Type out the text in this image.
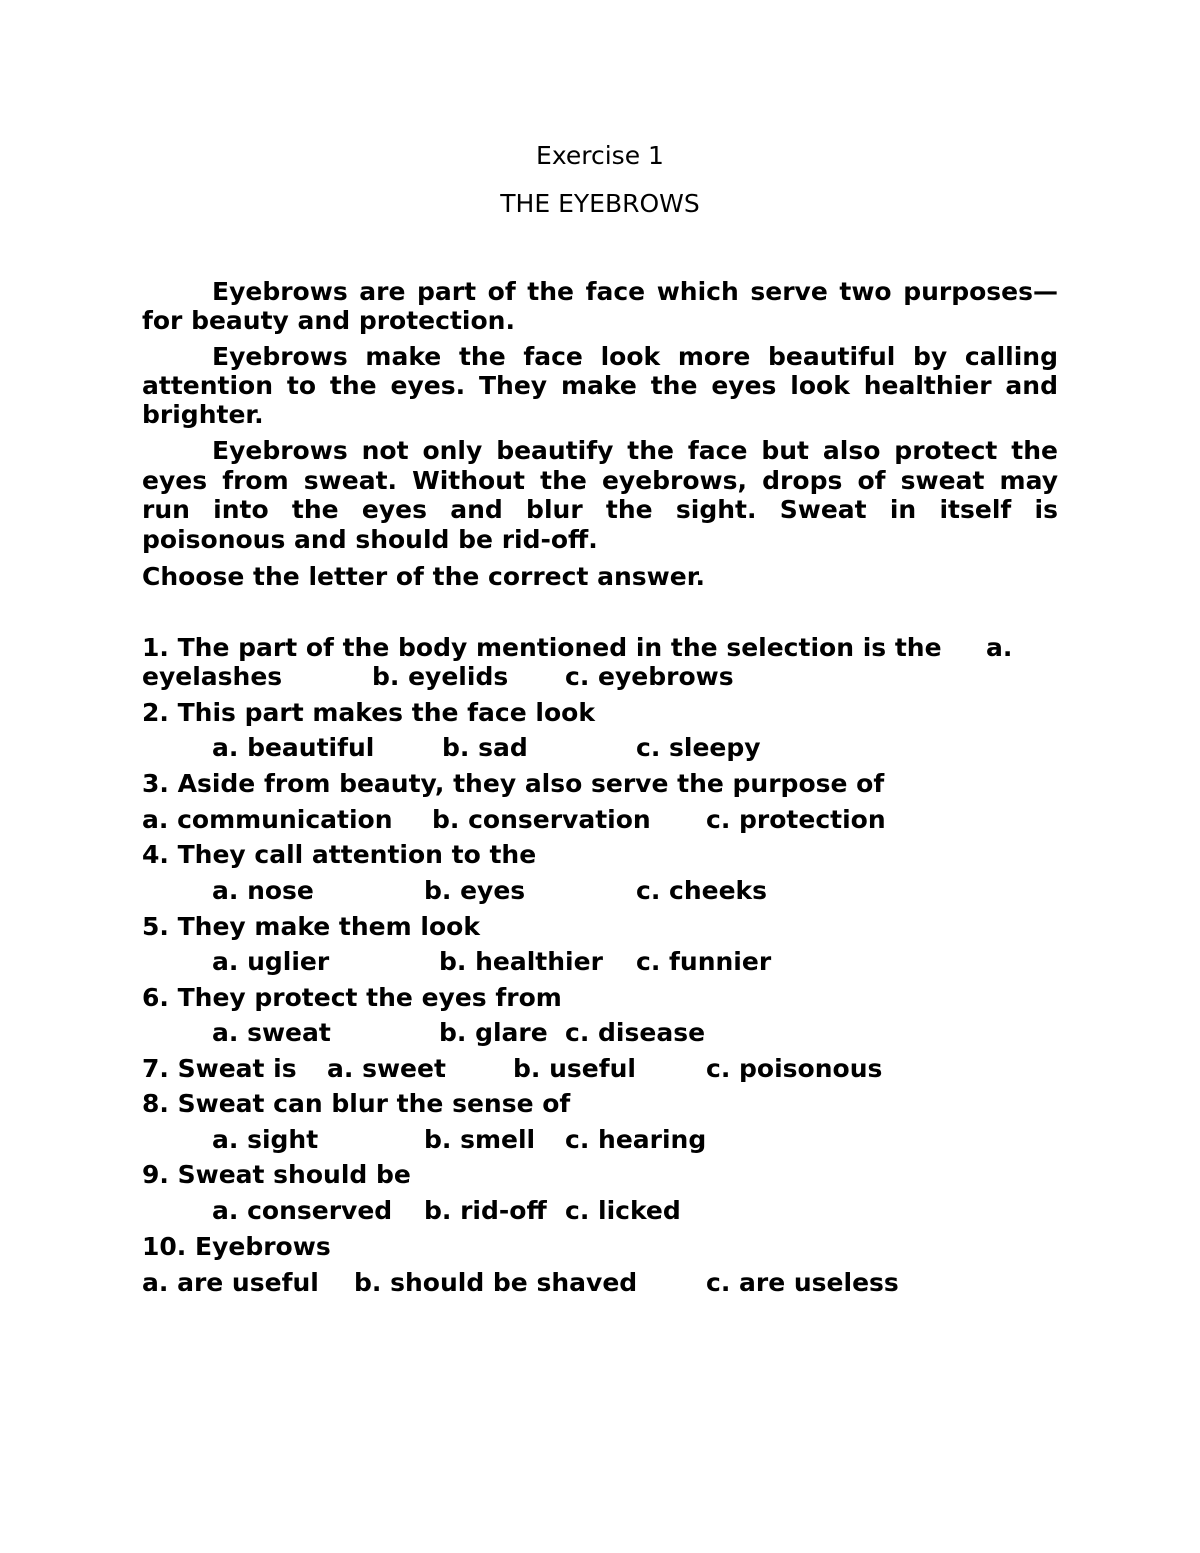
Exercise 1
THE EYEBROWS
Eyebrows are part of the face which serve two purposes—
for beauty and protection.
Eyebrows make the face look more beautiful by calling
attention to the eyes. They make the eyes look healthier and
brighter.
Eyebrows not only beautify the face but also protect the
eyes from sweat. Without the eyebrows, drops of sweat may
run into the eyes and blur the sight. Sweat in itself is
poisonous and should be rid-off.
Choose the letter of the correct answer.
1. The part of the body mentioned in the selection is the a.
eyelashes	b. eyelids c. eyebrows
2. This part makes the face look
a. beautiful	b. sad	c. sleepy
3. Aside from beauty, they also serve the purpose of
a. communication b. conservation c. protection
4. They call attention to the
a. nose	b. eyes	c. cheeks
5. They make them look
a. uglier	b. healthier c. funnier
6. They protect the eyes from
a. sweat	b. glare c. disease
7. Sweat is a. sweet	b. useful	c. poisonous
8. Sweat can blur the sense of
a. sight	b. smell c. hearing
9. Sweat should be
a. conserved b. rid-off c. licked
10. Eyebrows
a. are useful b. should be shaved	c. are useless
